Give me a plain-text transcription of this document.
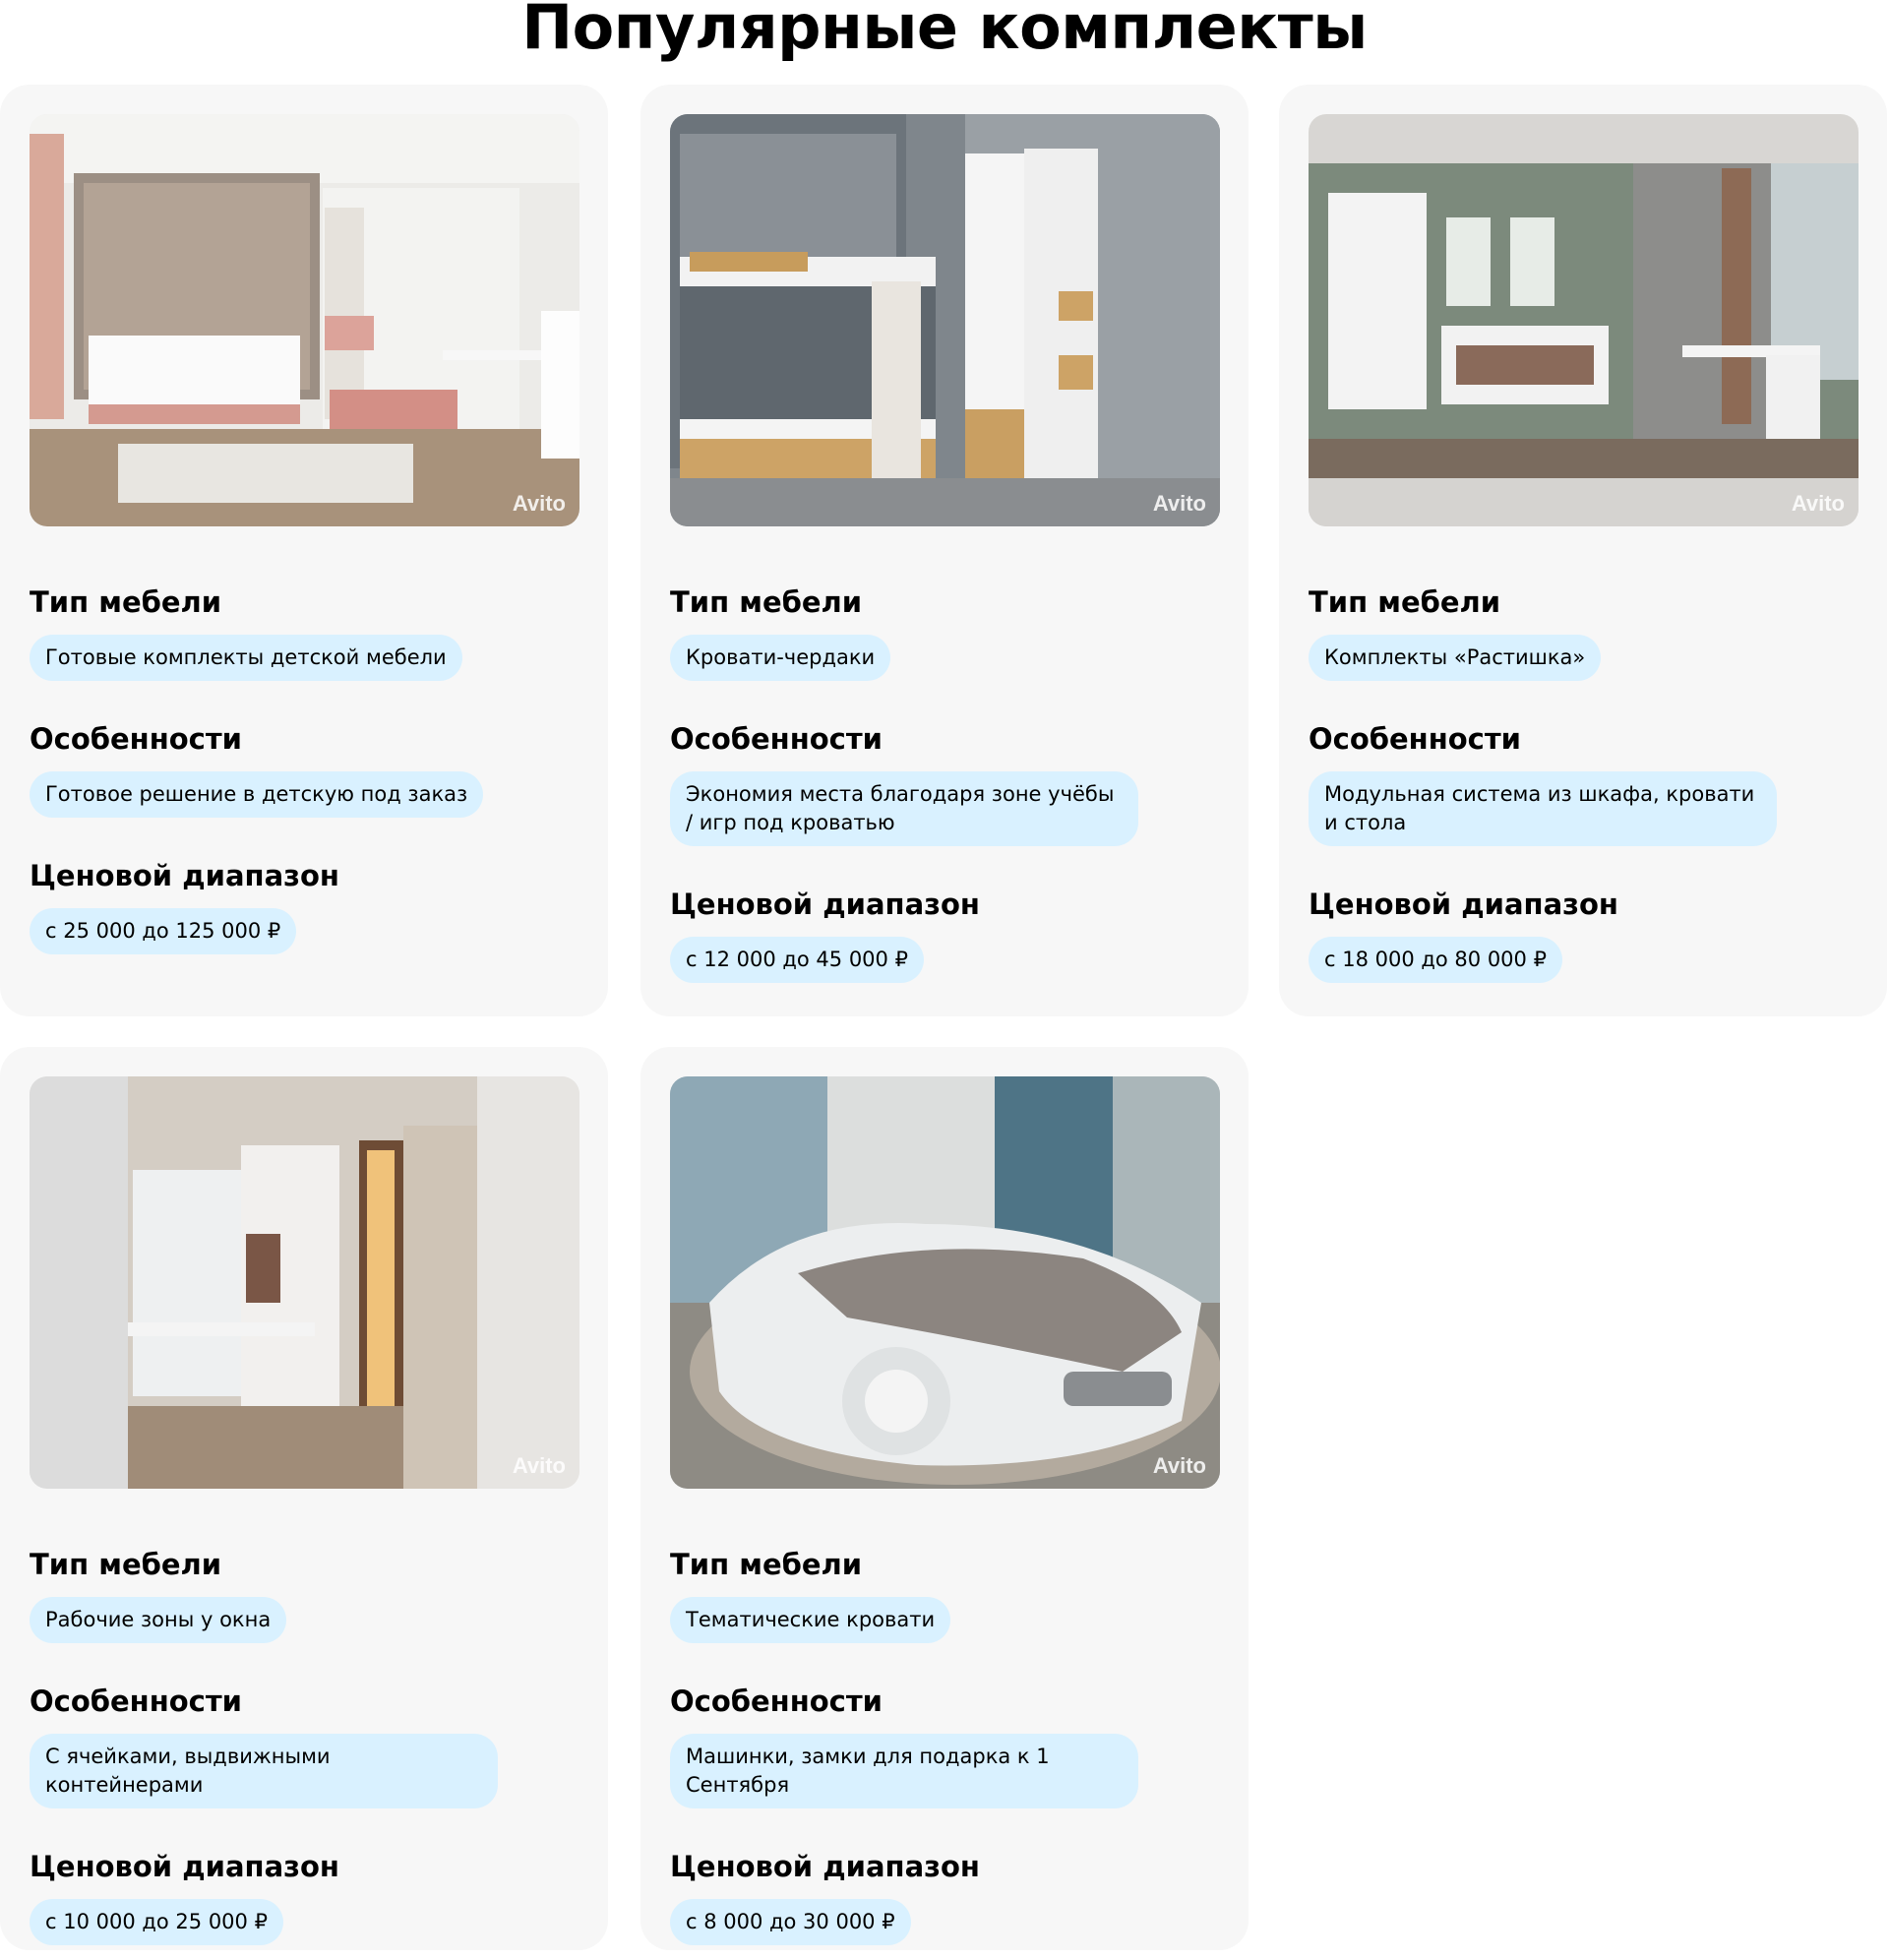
Популярные комплекты
Avito
Тип мебели
Готовые комплекты детской мебели
Особенности
Готовое решение в детскую под заказ
Ценовой диапазон
с 25 000 до 125 000 ₽
Avito
Тип мебели
Кровати-чердаки
Особенности
Экономия места благодаря зоне учёбы / игр под кроватью
Ценовой диапазон
с 12 000 до 45 000 ₽
Avito
Тип мебели
Комплекты «Растишка»
Особенности
Модульная система из шкафа, кровати и стола
Ценовой диапазон
с 18 000 до 80 000 ₽
Avito
Тип мебели
Рабочие зоны у окна
Особенности
С ячейками, выдвижными контейнерами
Ценовой диапазон
с 10 000 до 25 000 ₽
Avito
Тип мебели
Тематические кровати
Особенности
Машинки, замки для подарка к 1 Сентября
Ценовой диапазон
с 8 000 до 30 000 ₽
